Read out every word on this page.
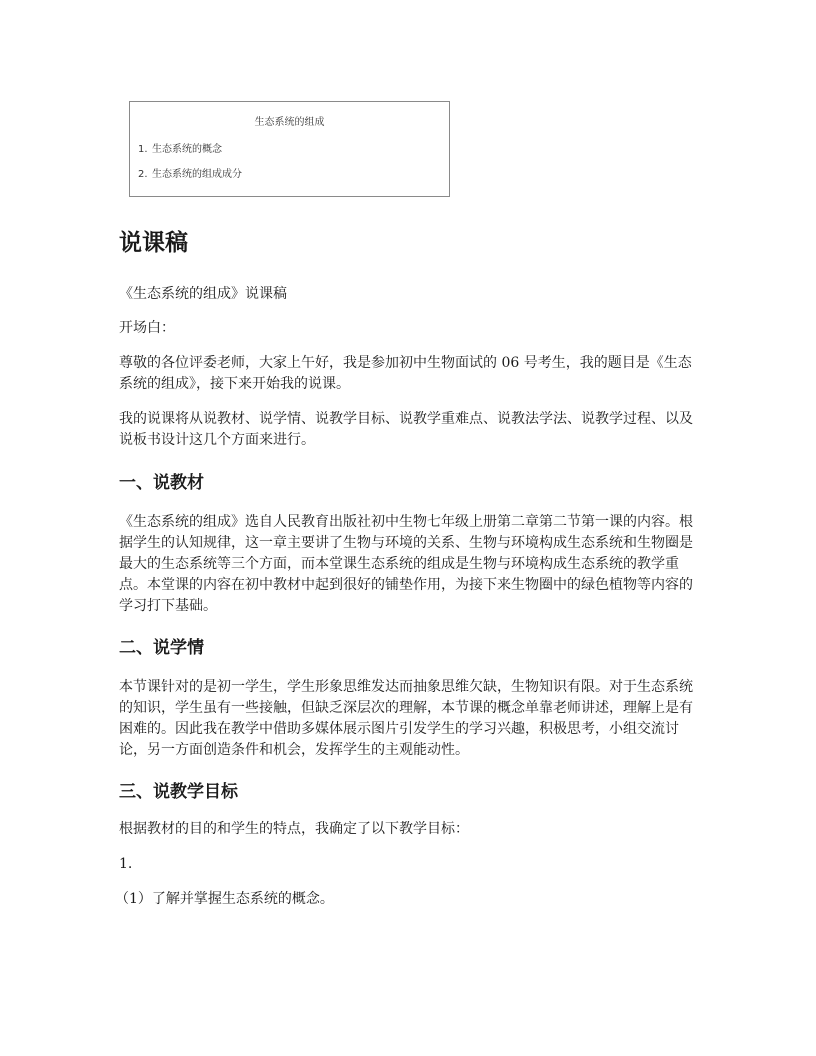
生态系统的组成
1. 生态系统的概念
2. 生态系统的组成成分
说课稿

《生态系统的组成》说课稿

开场白：

尊敬的各位评委老师，大家上午好，我是参加初中生物面试的 06 号考生，我的题目是《生态系统的组成》，接下来开始我的说课。

我的说课将从说教材、说学情、说教学目标、说教学重难点、说教法学法、说教学过程、以及说板书设计这几个方面来进行。

一、说教材

《生态系统的组成》选自人民教育出版社初中生物七年级上册第二章第二节第一课的内容。根据学生的认知规律，这一章主要讲了生物与环境的关系、生物与环境构成生态系统和生物圈是最大的生态系统等三个方面，而本堂课生态系统的组成是生物与环境构成生态系统的教学重点。本堂课的内容在初中教材中起到很好的铺垫作用，为接下来生物圈中的绿色植物等内容的学习打下基础。

二、说学情

本节课针对的是初一学生，学生形象思维发达而抽象思维欠缺，生物知识有限。对于生态系统的知识，学生虽有一些接触，但缺乏深层次的理解，本节课的概念单靠老师讲述，理解上是有困难的。因此我在教学中借助多媒体展示图片引发学生的学习兴趣，积极思考，小组交流讨论，另一方面创造条件和机会，发挥学生的主观能动性。

三、说教学目标

根据教材的目的和学生的特点，我确定了以下教学目标：

1.

（1）了解并掌握生态系统的概念。
